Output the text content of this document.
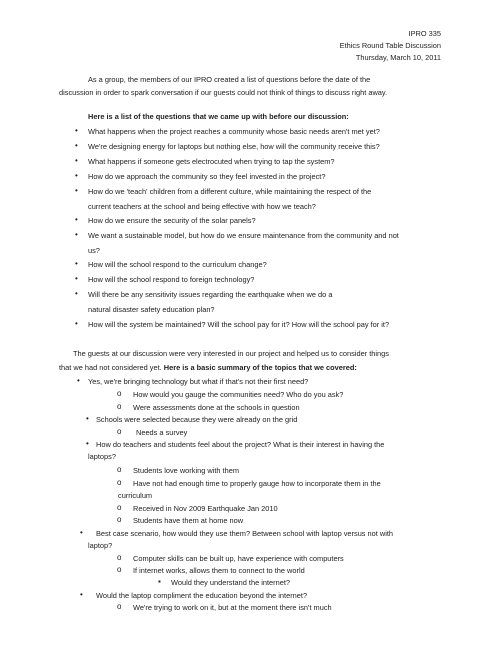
IPRO 335
Ethics Round Table Discussion
Thursday, March 10, 2011
As a group, the members of our IPRO created a list of questions before the date of the
discussion in order to spark conversation if our guests could not think of things to discuss right away.
Here is a list of the questions that we came up with before our discussion:
• What happens when the project reaches a community whose basic needs aren't met yet?
• We're designing energy for laptops but nothing else, how will the community receive this?
• What happens if someone gets electrocuted when trying to tap the system?
• How do we approach the community so they feel invested in the project?
• How do we 'teach' children from a different culture, while maintaining the respect of the
current teachers at the school and being effective with how we teach?
• How do we ensure the security of the solar panels?
• We want a sustainable model, but how do we ensure maintenance from the community and not
us?
• How will the school respond to the curriculum change?
• How will the school respond to foreign technology?
• Will there be any sensitivity issues regarding the earthquake when we do a
natural disaster safety education plan?
• How will the system be maintained? Will the school pay for it? How will the school pay for it?
The guests at our discussion were very interested in our project and helped us to consider things
that we had not considered yet. Here is a basic summary of the topics that we covered:
• Yes, we're bringing technology but what if that's not their first need?
o How would you gauge the communities need? Who do you ask?
o Were assessments done at the schools in question
• Schools were selected because they were already on the grid
o Needs a survey
• How do teachers and students feel about the project? What is their interest in having the
laptops?
o Students love working with them
o Have not had enough time to properly gauge how to incorporate them in the
curriculum
o Received in Nov 2009 Earthquake Jan 2010
o Students have them at home now
• Best case scenario, how would they use them? Between school with laptop versus not with
laptop?
o Computer skills can be built up, have experience with computers
o If internet works, allows them to connect to the world
▪ Would they understand the internet?
• Would the laptop compliment the education beyond the internet?
o We're trying to work on it, but at the moment there isn't much
